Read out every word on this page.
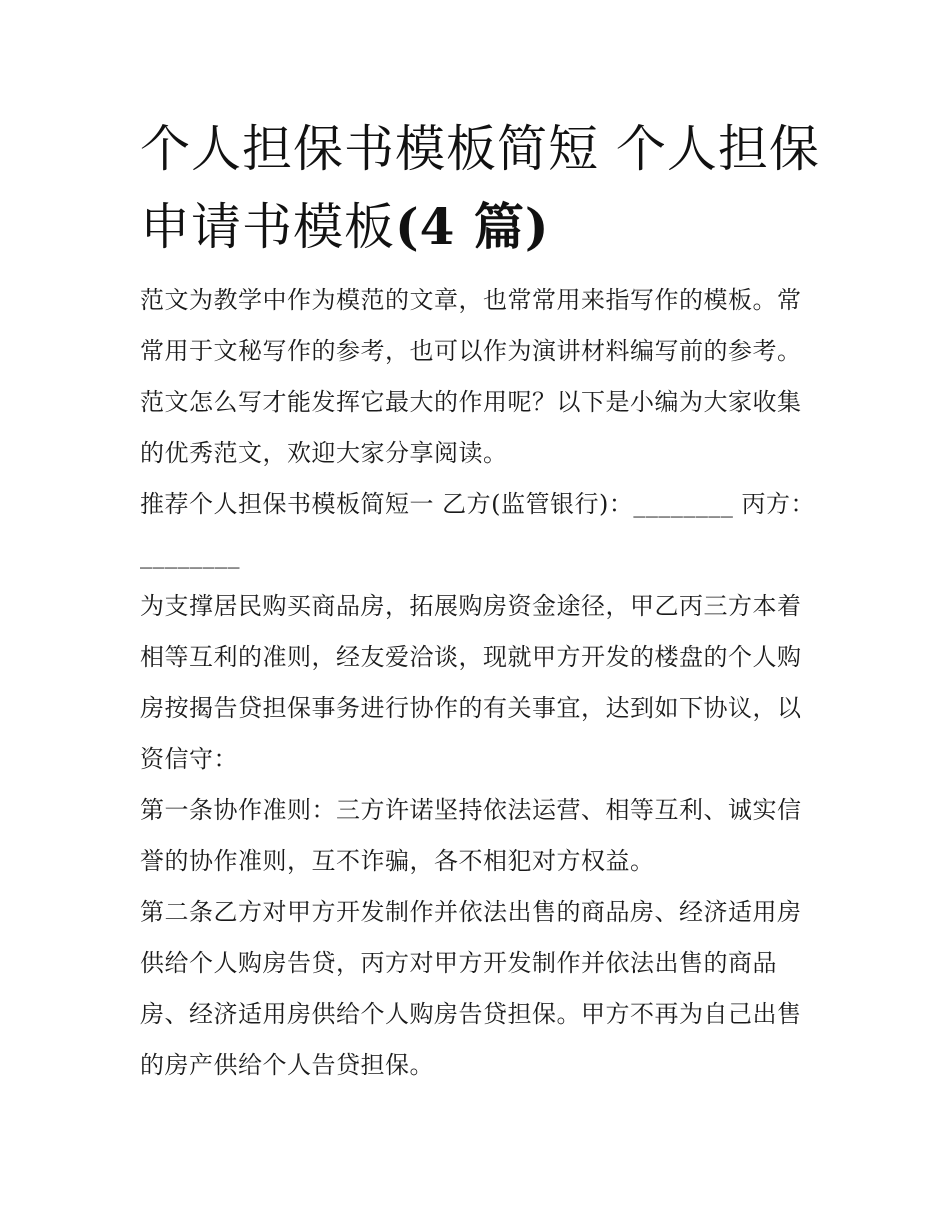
个人担保书模板简短 个人担保申请书模板(4 篇)

范文为教学中作为模范的文章，也常常用来指写作的模板。常常用于文秘写作的参考，也可以作为演讲材料编写前的参考。范文怎么写才能发挥它最大的作用呢？以下是小编为大家收集的优秀范文，欢迎大家分享阅读。

推荐个人担保书模板简短一 乙方(监管银行)：________ 丙方：________

为支撑居民购买商品房，拓展购房资金途径，甲乙丙三方本着相等互利的准则，经友爱洽谈，现就甲方开发的楼盘的个人购房按揭告贷担保事务进行协作的有关事宜，达到如下协议，以资信守：

第一条协作准则：三方许诺坚持依法运营、相等互利、诚实信誉的协作准则，互不诈骗，各不相犯对方权益。

第二条乙方对甲方开发制作并依法出售的商品房、经济适用房供给个人购房告贷，丙方对甲方开发制作并依法出售的商品房、经济适用房供给个人购房告贷担保。甲方不再为自己出售的房产供给个人告贷担保。
